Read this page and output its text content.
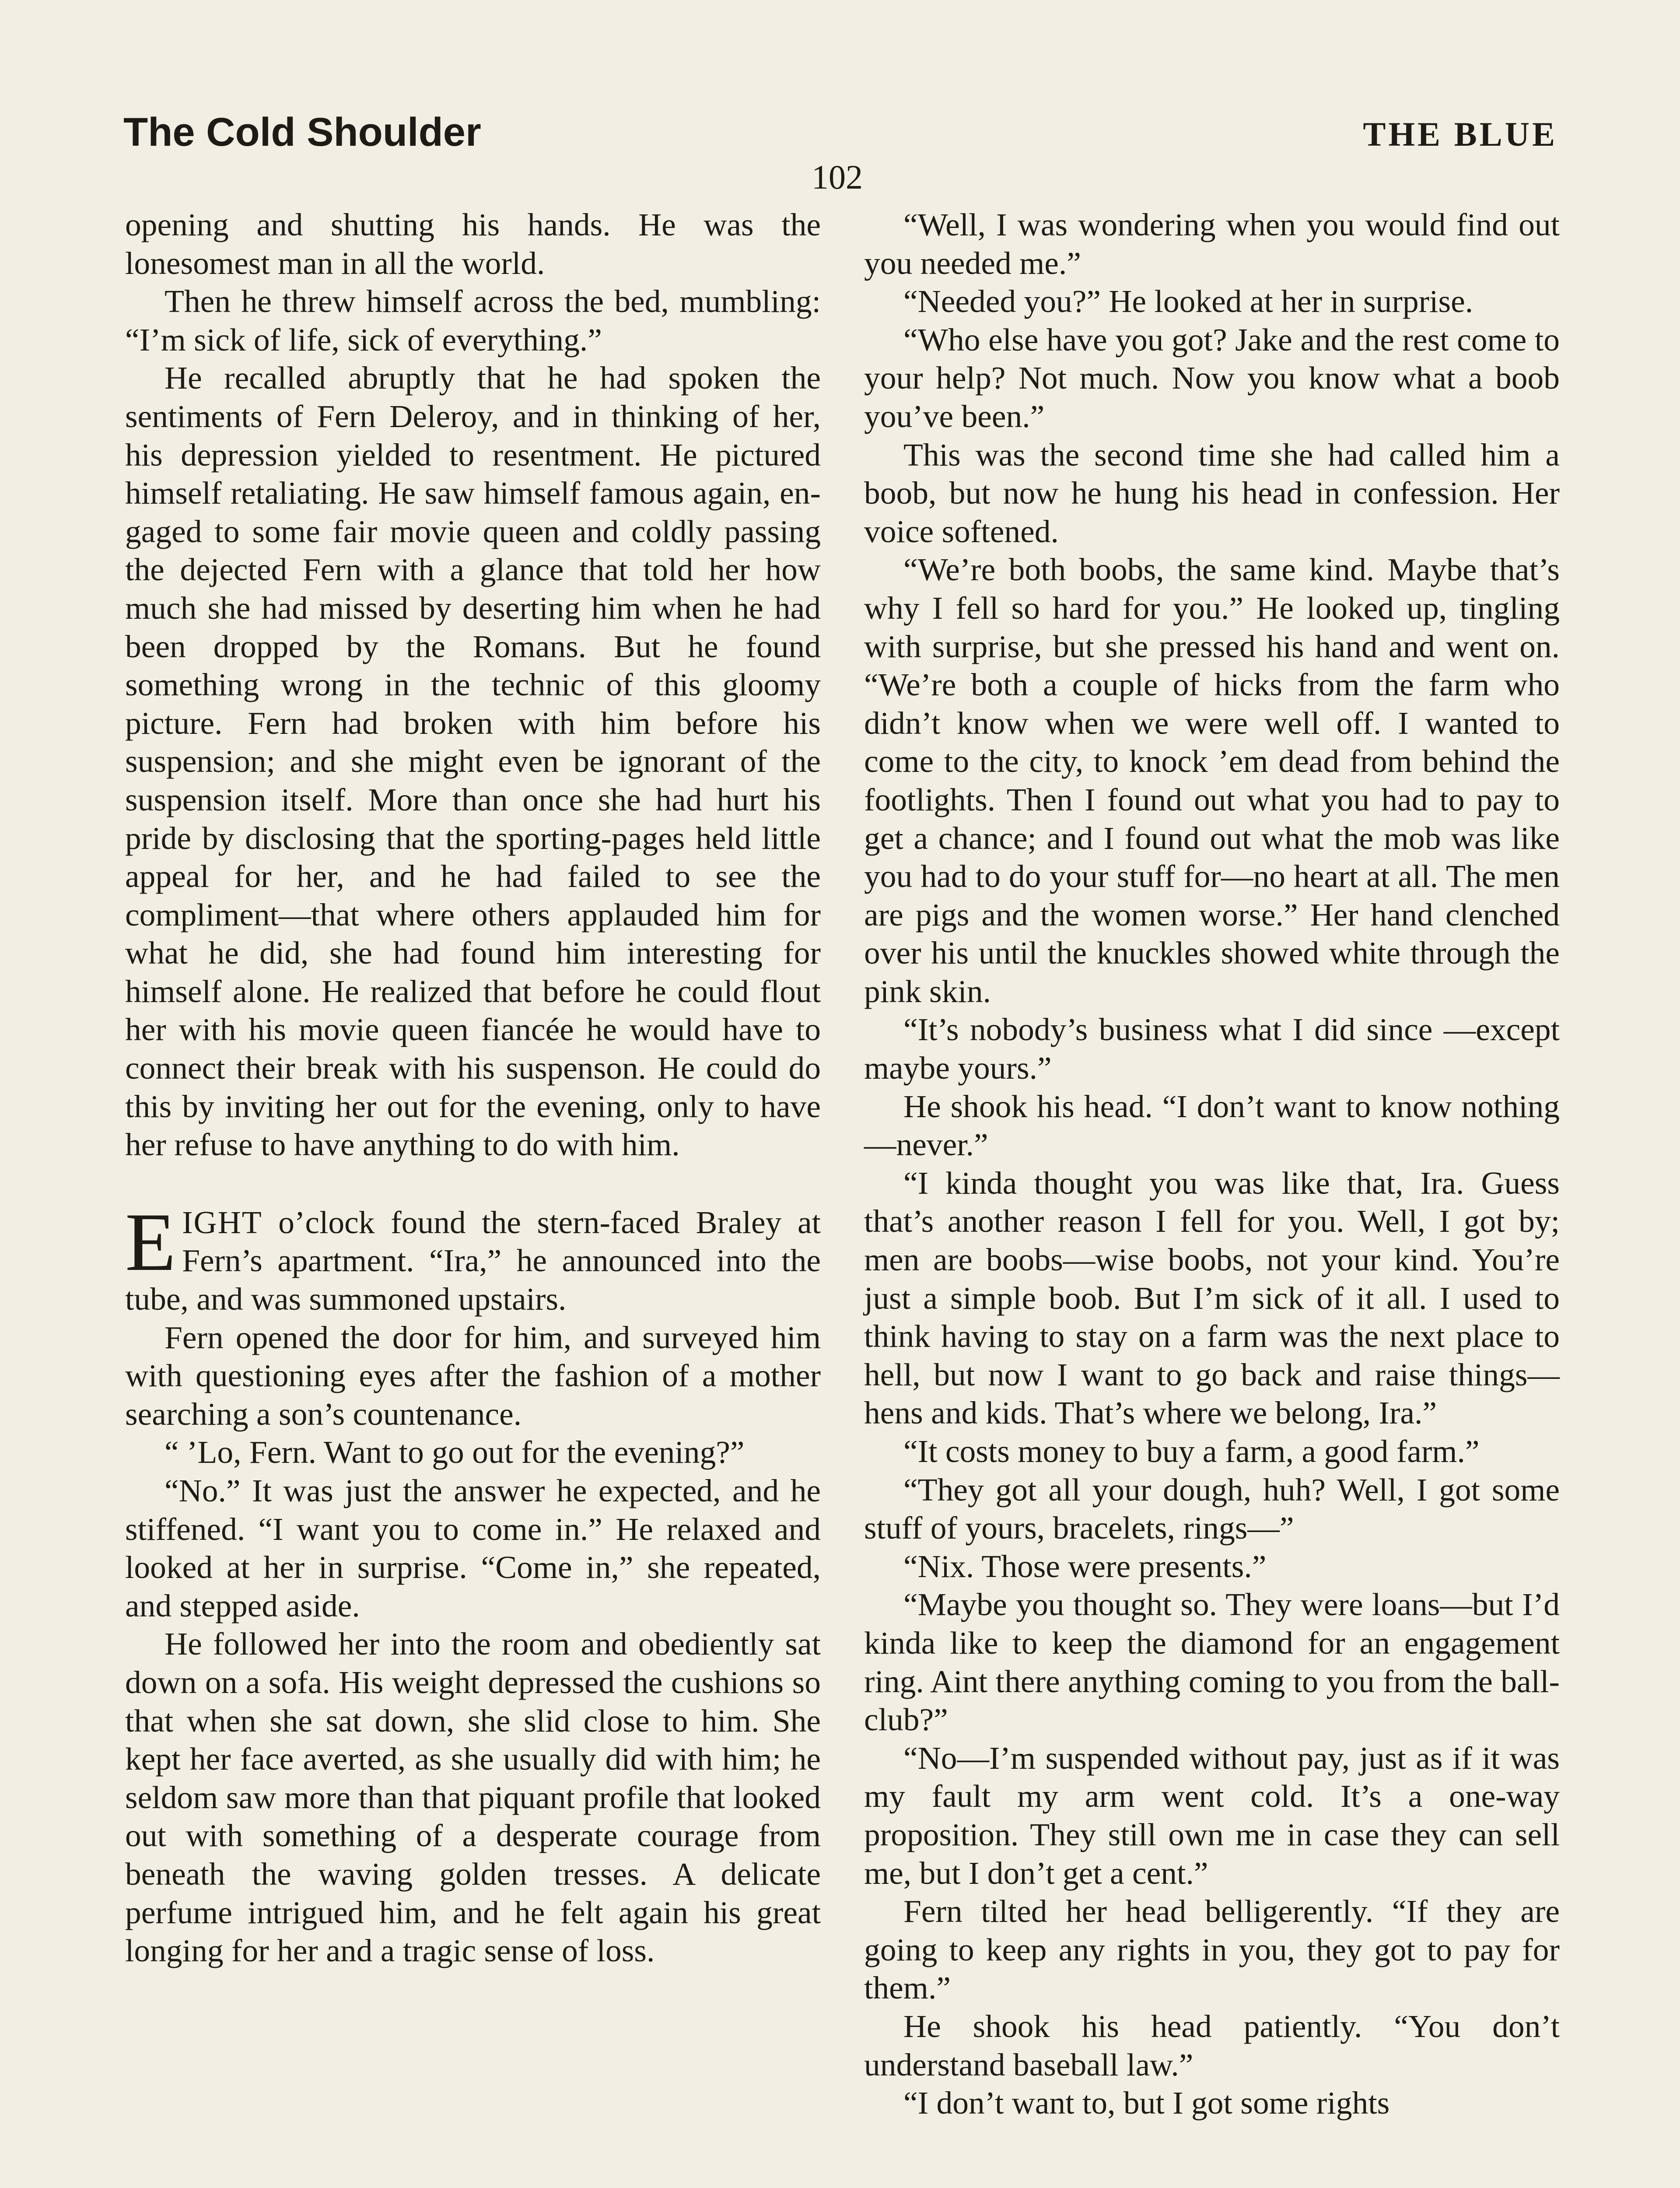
The Cold Shoulder	THE BLUE
102

opening and shutting his hands. He was the lonesomest man in all the world.

Then he threw himself across the bed, mumbling: “I’m sick of life, sick of everything.”

He recalled abruptly that he had spoken the sentiments of Fern Deleroy, and in thinking of her, his depression yielded to resentment. He pictured himself retaliating. He saw himself famous again, engaged to some fair movie queen and coldly passing the dejected Fern with a glance that told her how much she had missed by deserting him when he had been dropped by the Romans. But he found something wrong in the technic of this gloomy picture. Fern had broken with him before his suspension; and she might even be ignorant of the suspension itself. More than once she had hurt his pride by disclosing that the sporting-pages held little appeal for her, and he had failed to see the compliment—that where others applauded him for what he did, she had found him interesting for himself alone. He realized that before he could flout her with his movie queen fiancée he would have to connect their break with his suspenson. He could do this by inviting her out for the evening, only to have her refuse to have anything to do with him.

EIGHT o’clock found the stern-faced Braley at Fern’s apartment. “Ira,” he announced into the tube, and was summoned upstairs.

Fern opened the door for him, and surveyed him with questioning eyes after the fashion of a mother searching a son’s countenance.

“ ’Lo, Fern. Want to go out for the evening?”

“No.” It was just the answer he expected, and he stiffened. “I want you to come in.” He relaxed and looked at her in surprise. “Come in,” she repeated, and stepped aside.

He followed her into the room and obediently sat down on a sofa. His weight depressed the cushions so that when she sat down, she slid close to him. She kept her face averted, as she usually did with him; he seldom saw more than that piquant profile that looked out with something of a desperate courage from beneath the waving golden tresses. A delicate perfume intrigued him, and he felt again his great longing for her and a tragic sense of loss.

“Well, I was wondering when you would find out you needed me.”

“Needed you?” He looked at her in surprise.

“Who else have you got? Jake and the rest come to your help? Not much. Now you know what a boob you’ve been.”

This was the second time she had called him a boob, but now he hung his head in confession. Her voice softened.

“We’re both boobs, the same kind. Maybe that’s why I fell so hard for you.” He looked up, tingling with surprise, but she pressed his hand and went on. “We’re both a couple of hicks from the farm who didn’t know when we were well off. I wanted to come to the city, to knock ’em dead from behind the footlights. Then I found out what you had to pay to get a chance; and I found out what the mob was like you had to do your stuff for—no heart at all. The men are pigs and the women worse.” Her hand clenched over his until the knuckles showed white through the pink skin.

“It’s nobody’s business what I did since —except maybe yours.”

He shook his head. “I don’t want to know nothing—never.”

“I kinda thought you was like that, Ira. Guess that’s another reason I fell for you. Well, I got by; men are boobs—wise boobs, not your kind. You’re just a simple boob. But I’m sick of it all. I used to think having to stay on a farm was the next place to hell, but now I want to go back and raise things—hens and kids. That’s where we belong, Ira.”

“It costs money to buy a farm, a good farm.”

“They got all your dough, huh? Well, I got some stuff of yours, bracelets, rings—”

“Nix. Those were presents.”

“Maybe you thought so. They were loans—but I’d kinda like to keep the diamond for an engagement ring. Aint there anything coming to you from the ball-club?”

“No—I’m suspended without pay, just as if it was my fault my arm went cold. It’s a one-way proposition. They still own me in case they can sell me, but I don’t get a cent.”

Fern tilted her head belligerently. “If they are going to keep any rights in you, they got to pay for them.”

He shook his head patiently. “You don’t understand baseball law.”

“I don’t want to, but I got some rights
